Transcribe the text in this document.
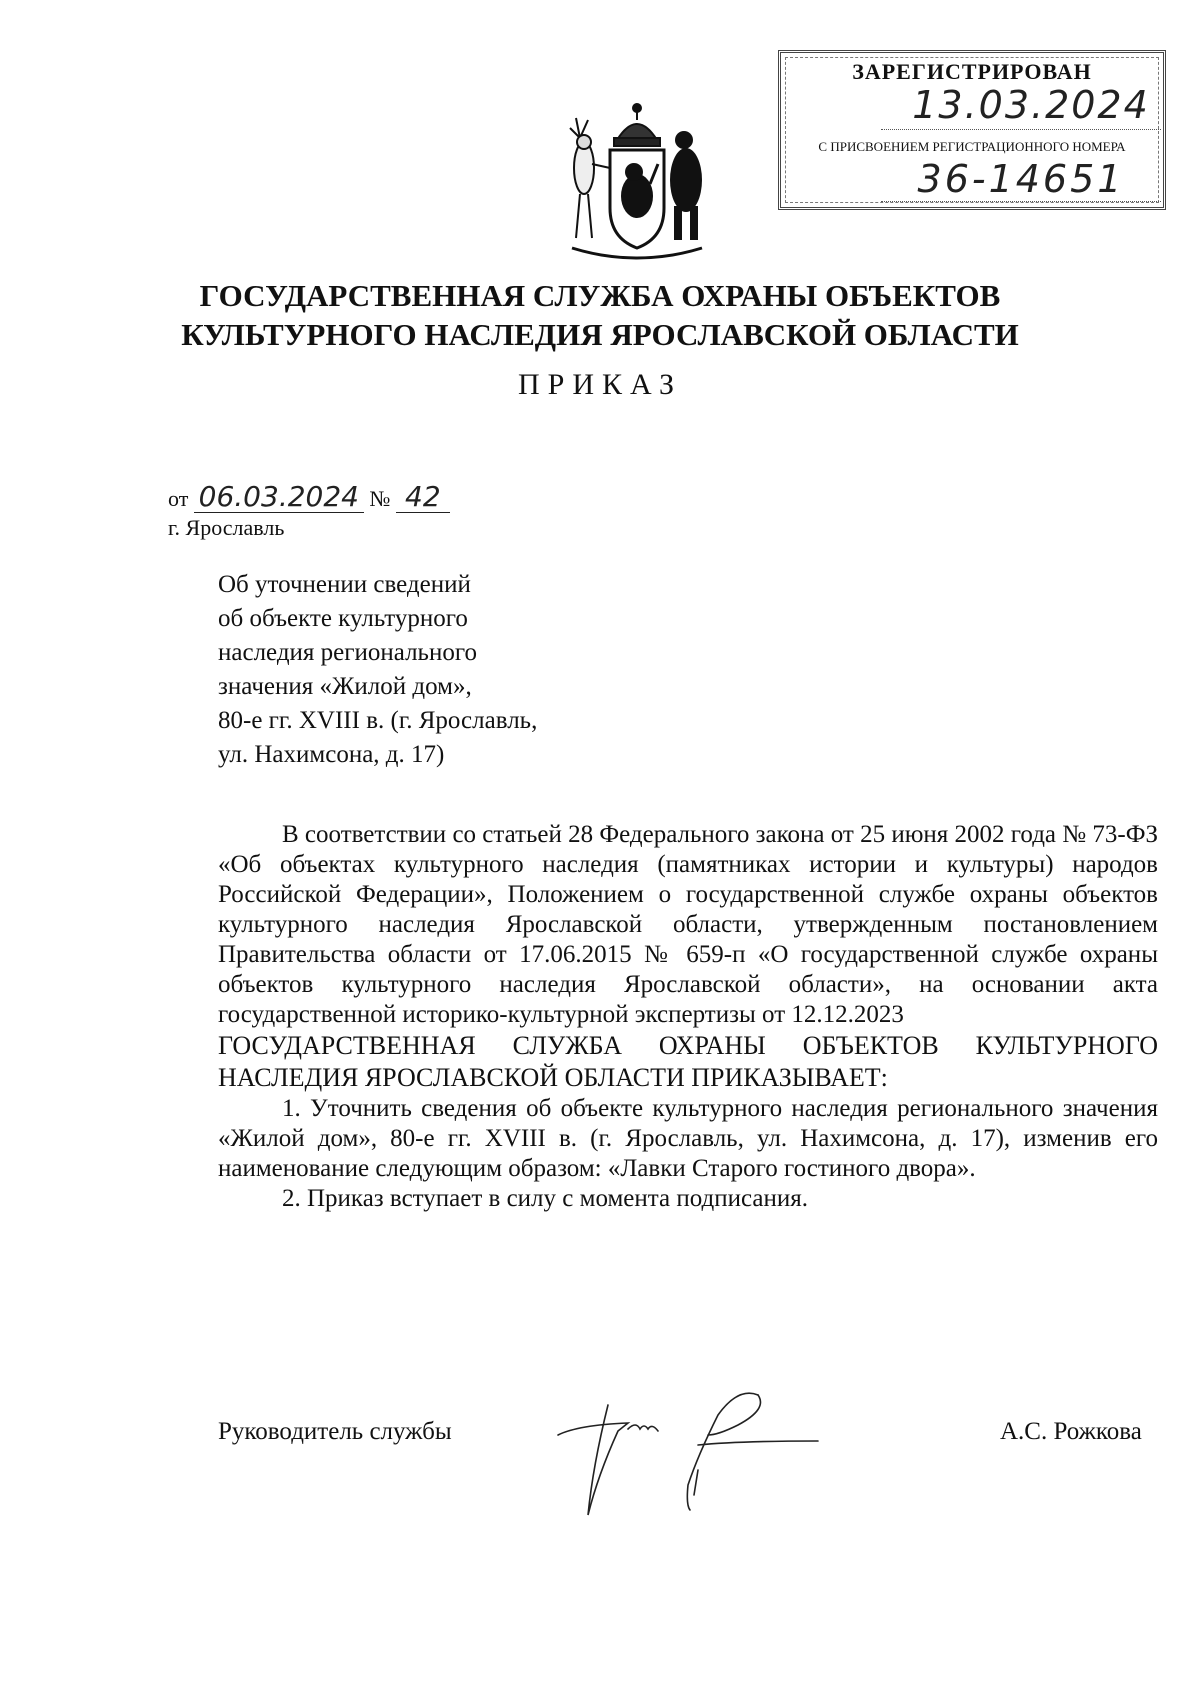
ЗАРЕГИСТРИРОВАН
13.03.2024
С ПРИСВОЕНИЕМ РЕГИСТРАЦИОННОГО НОМЕРА
36-14651
ГОСУДАРСТВЕННАЯ СЛУЖБА ОХРАНЫ ОБЪЕКТОВ
КУЛЬТУРНОГО НАСЛЕДИЯ ЯРОСЛАВСКОЙ ОБЛАСТИ
ПРИКАЗ
от 06.03.2024 № 42
г. Ярославль
Об уточнении сведений
об объекте культурного
наследия регионального
значения «Жилой дом»,
80-е гг. XVIII в. (г. Ярославль,
ул. Нахимсона, д. 17)

В соответствии со статьей 28 Федерального закона от 25 июня 2002 года № 73-ФЗ «Об объектах культурного наследия (памятниках истории и культуры) народов Российской Федерации», Положением о государственной службе охраны объектов культурного наследия Ярославской области, утвержденным постановлением Правительства области от 17.06.2015 № 659-п «О государственной службе охраны объектов культурного наследия Ярославской области», на основании акта государственной историко-культурной экспертизы от 12.12.2023

ГОСУДАРСТВЕННАЯ СЛУЖБА ОХРАНЫ ОБЪЕКТОВ КУЛЬТУРНОГО НАСЛЕДИЯ ЯРОСЛАВСКОЙ ОБЛАСТИ ПРИКАЗЫВАЕТ:

1. Уточнить сведения об объекте культурного наследия регионального значения «Жилой дом», 80-е гг. XVIII в. (г. Ярославль, ул. Нахимсона, д. 17), изменив его наименование следующим образом: «Лавки Старого гостиного двора».

2. Приказ вступает в силу с момента подписания.

Руководитель службы	А.С. Рожкова
